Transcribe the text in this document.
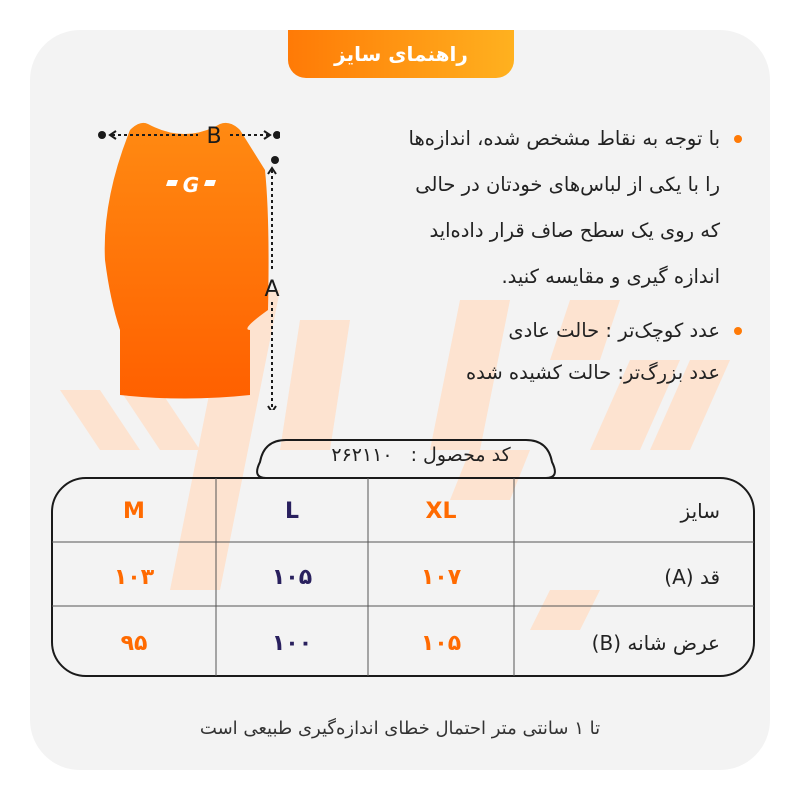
راهنمای سایز
G
B
A
با توجه به نقاط مشخص شده، اندازه‌ها
را با یکی از لباس‌های خودتان در حالی
که روی یک سطح صاف قرار داده‌اید
اندازه گیری و مقایسه کنید.
عدد کوچک‌تر : حالت عادی
عدد بزرگ‌تر: حالت کشیده شده
کد محصول :
۲۶۲۱۱۰
M	L	XL	سایز
۱۰۳	۱۰۵	۱۰۷	قد (A)
۹۵	۱۰۰	۱۰۵	عرض شانه (B)
تا ۱ سانتی متر احتمال خطای اندازه‌گیری طبیعی است
